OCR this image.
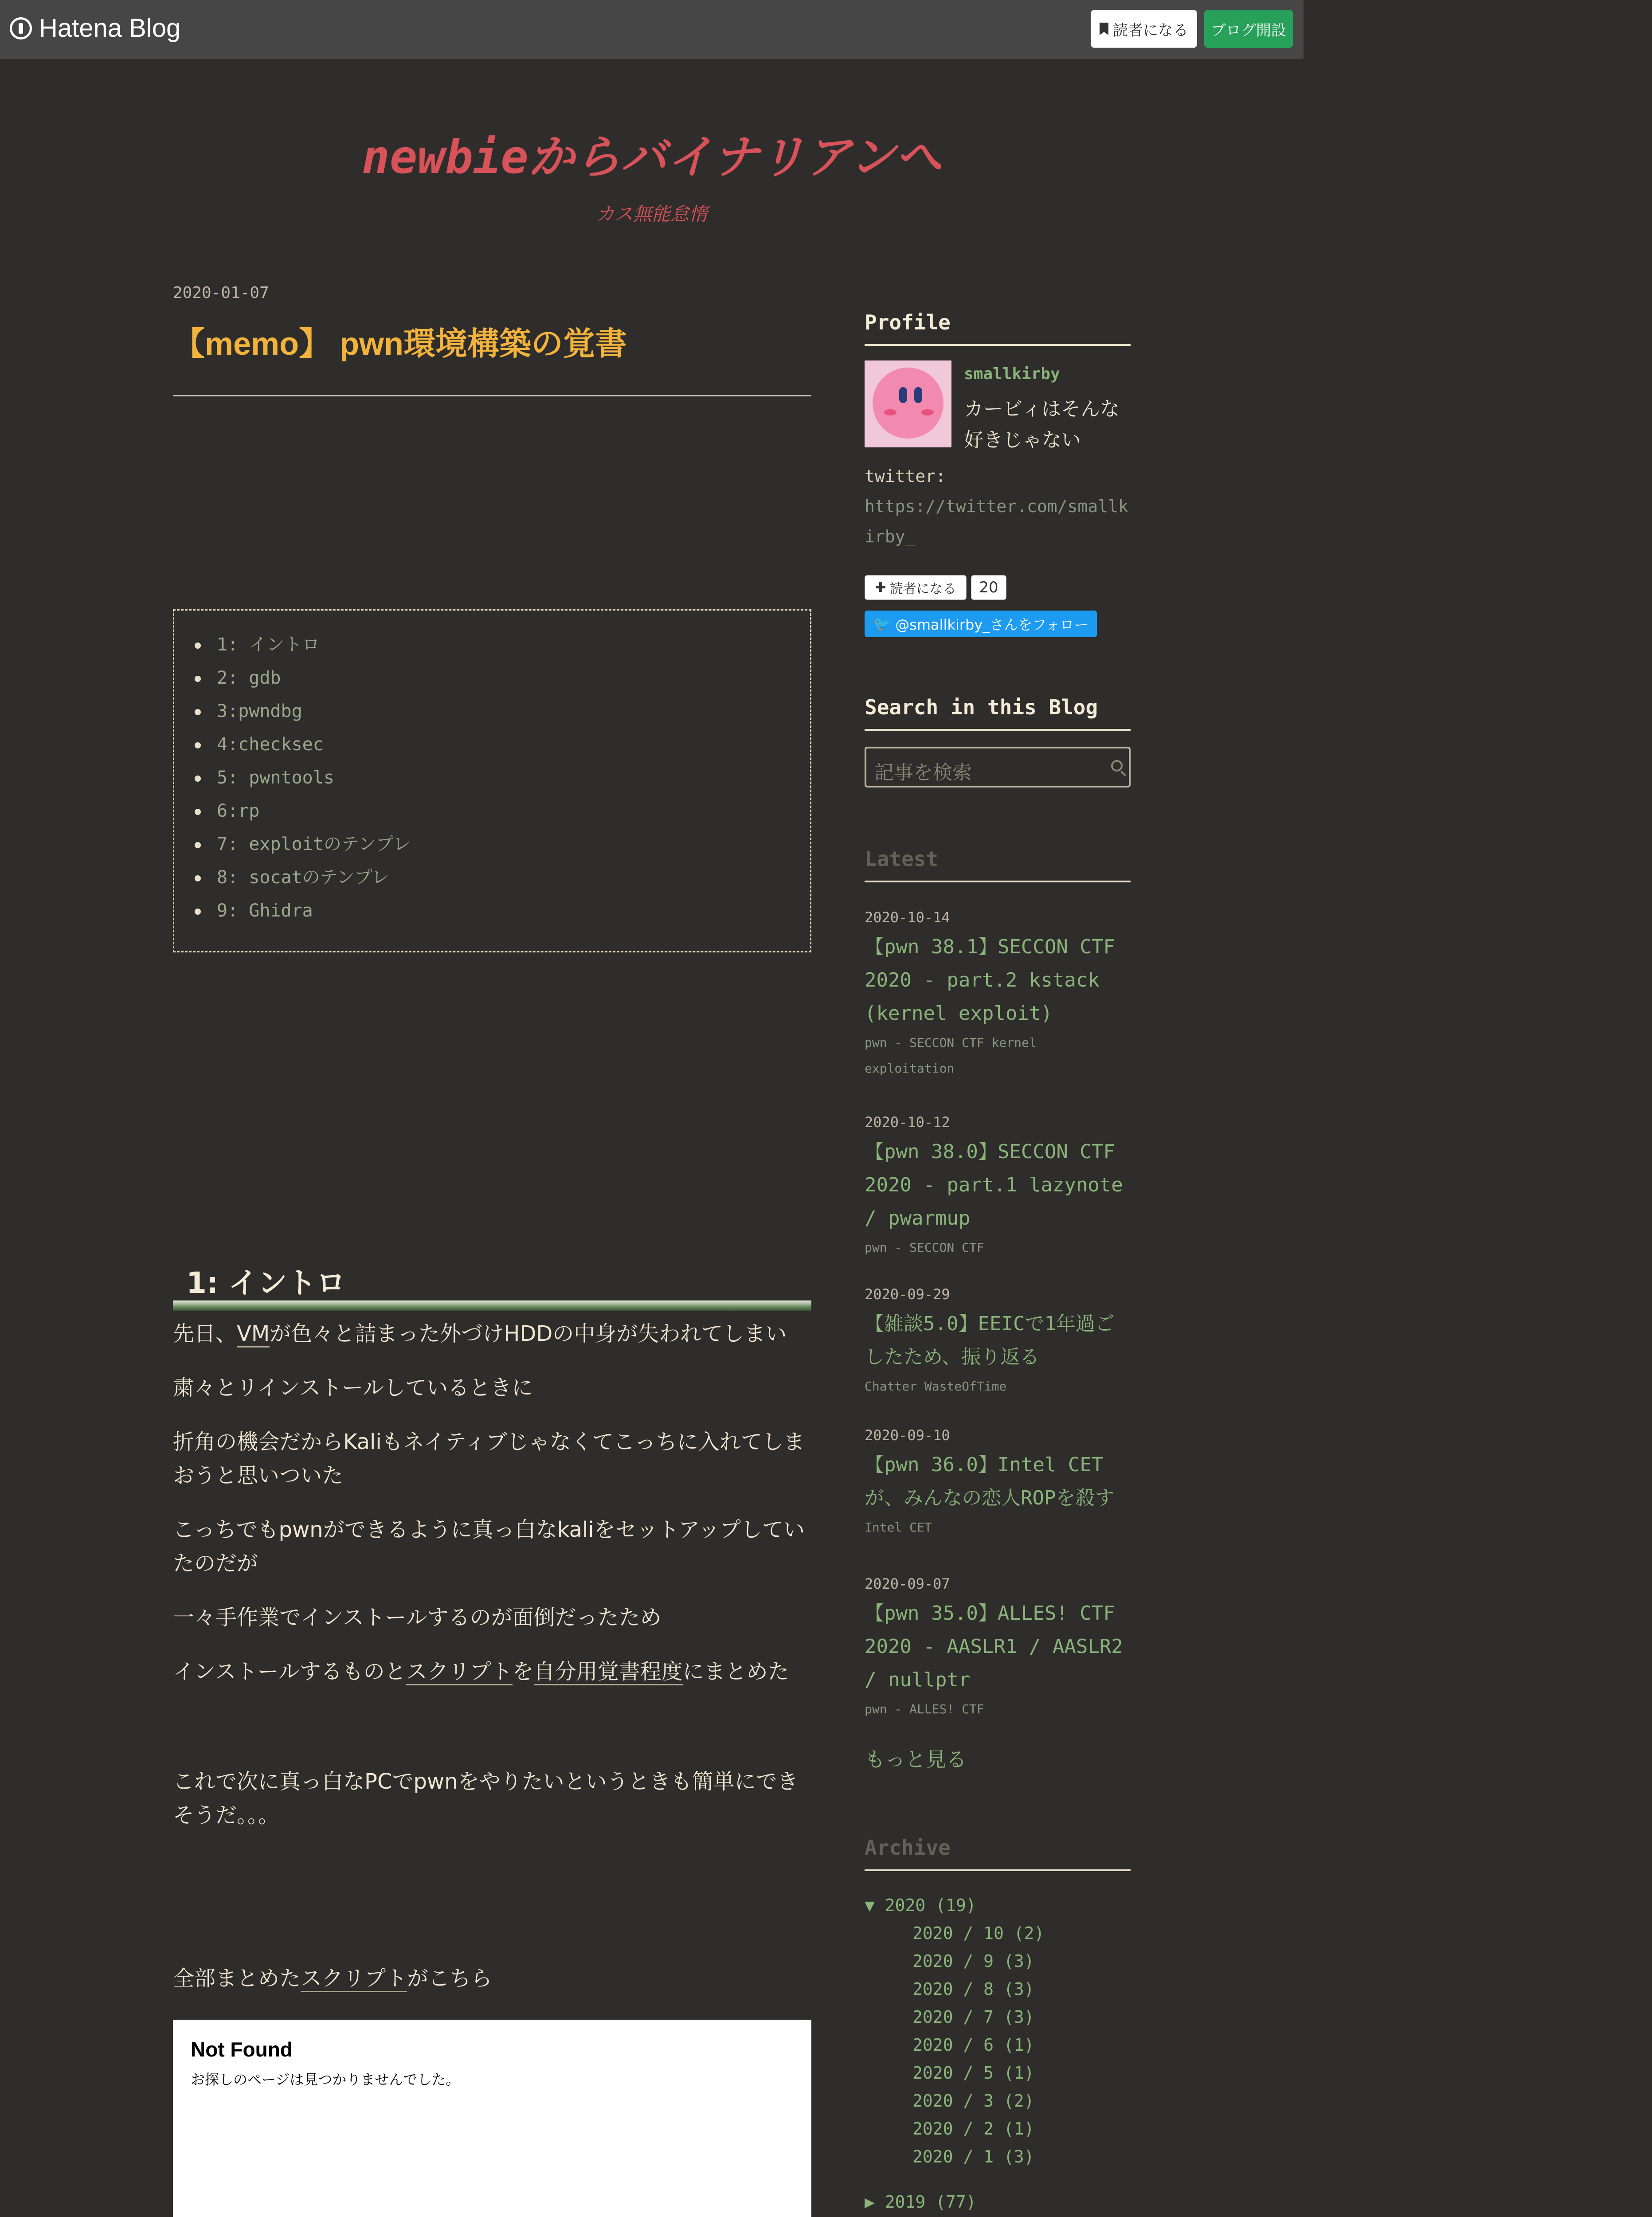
Hatena Blog	読者になる	ブログ開設
newbieからバイナリアンへ
カス無能怠惰
2020-01-07
【memo】 pwn環境構築の覚書
1: イントロ
2: gdb
3:pwndbg
4:checksec
5: pwntools
6:rp
7: exploitのテンプレ
8: socatのテンプレ
9: Ghidra
1: イントロ
先日、VMが色々と詰まった外づけHDDの中身が失われてしまい
粛々とリインストールしているときに
折角の機会だからKaliもネイティブじゃなくてこっちに入れてしまおうと思いついた
こっちでもpwnができるように真っ白なkaliをセットアップしていたのだが
一々手作業でインストールするのが面倒だったため
インストールするものとスクリプトを自分用覚書程度にまとめた
これで次に真っ白なPCでpwnをやりたいというときも簡単にできそうだ。。。
全部まとめたスクリプトがこちら
Not Found
お探しのページは見つかりませんでした。

Profile
smallkirby
カービィはそんな好きじゃない
twitter:
https://twitter.com/smallkirby_
✚ 読者になる	20
🐦 @smallkirby_さんをフォロー
Search in this Blog
記事を検索
Latest
2020-10-14
【pwn 38.1】SECCON CTF 2020 - part.2 kstack (kernel exploit)
pwn - SECCON CTF kernel exploitation
2020-10-12
【pwn 38.0】SECCON CTF 2020 - part.1 lazynote / pwarmup
pwn - SECCON CTF
2020-09-29
【雑談5.0】EEICで1年過ごしたため、振り返る
Chatter WasteOfTime
2020-09-10
【pwn 36.0】Intel CETが、みんなの恋人ROPを殺す
Intel CET
2020-09-07
【pwn 35.0】ALLES! CTF 2020 - AASLR1 / AASLR2 / nullptr
pwn - ALLES! CTF
もっと見る
Archive
▼ 2020 (19)
2020 / 10 (2)
2020 / 9 (3)
2020 / 8 (3)
2020 / 7 (3)
2020 / 6 (1)
2020 / 5 (1)
2020 / 3 (2)
2020 / 2 (1)
2020 / 1 (3)
▶ 2019 (77)
